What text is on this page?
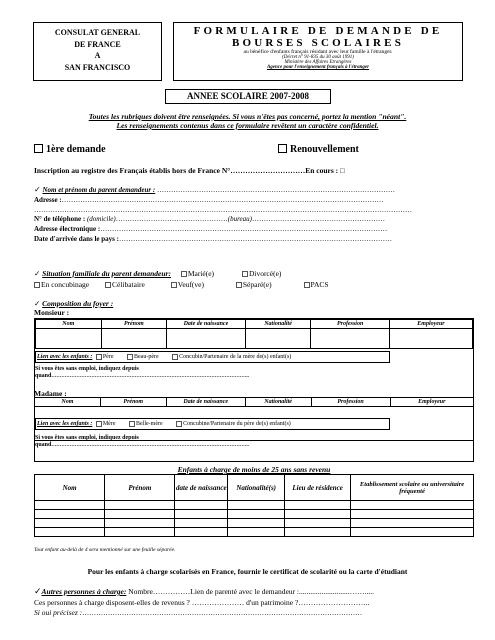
CONSULAT GENERAL
DE FRANCE
A
SAN FRANCISCO
FORMULAIRE DE DEMANDE DE
BOURSES SCOLAIRES
au bénéfice d'enfants français résidant avec leur famille à l'étranger.
(Décret n° 91-835 du 30 août 1991)
Ministère des Affaires Etrangères
Agence pour l'enseignement français à l'étranger
ANNEE SCOLAIRE 2007-2008
Toutes les rubriques doivent être renseignées. Si vous n'êtes pas concerné, portez la mention "néant".
Les renseignements contenus dans ce formulaire revêtent un caractère confidentiel.
1ère demande	Renouvellement
Inscription au registre des Français établis hors de France N°…………………………En cours : □
✓ Nom et prénom du parent demandeur : …………………………………………………………………………………………
Adresse :…………………………………………………………………………………………………………………………
………………………………………………………………………………………………………………………………………………
N° de téléphone : (domicile)…………………………………………(bureau)…………………………………………………
Adresse électronique :……………………………………………………………………………………………………………
Date d'arrivée dans le pays :………………………………………………………………………………………………………
✓ Situation familiale du parent demandeur: Marié(e)	Divorcé(e)
En concubinage	Célibataire	Veuf(ve)	Séparé(e)	PACS
✓ Composition du foyer :
Monsieur :
Nom	Prénom	Date de naissance	Nationalité	Profession	Employeur

Lien avec les enfants : Père	Beau-père	Concubin/Partenaire de la mère de(s) enfant(s)
Si vous êtes sans emploi, indiquez depuis
quand………………………………………………………………………………………………………..
Madame :
Nom	Prénom	Date de naissance	Nationalité	Profession	Employeur
Lien avec les enfants : Mère	Belle-mère	Concubine/Partenaire du père de(s) enfant(s)
Si vous êtes sans emploi, indiquez depuis
quand………………………………………………………………………………………………………..
Enfants à charge de moins de 25 ans sans revenu
Nom	Prénom	date de naissance	Nationalité(s)	Lieu de résidence	Etablissement scolaire ou universitaire fréquenté

Tout enfant au-delà de 4 sera mentionné sur une feuille séparée.
Pour les enfants à charge scolarisés en France, fournir le certificat de scolarité ou la carte d'étudiant
✓Autres personnes à charge: Nombre……………Lien de parenté avec le demandeur :...........................…….....
Ces personnes à charge disposent-elles de revenus ? ………………… d'un patrimoine ?………………………..
Si oui précisez :…………………………………………………………………………………………………………
